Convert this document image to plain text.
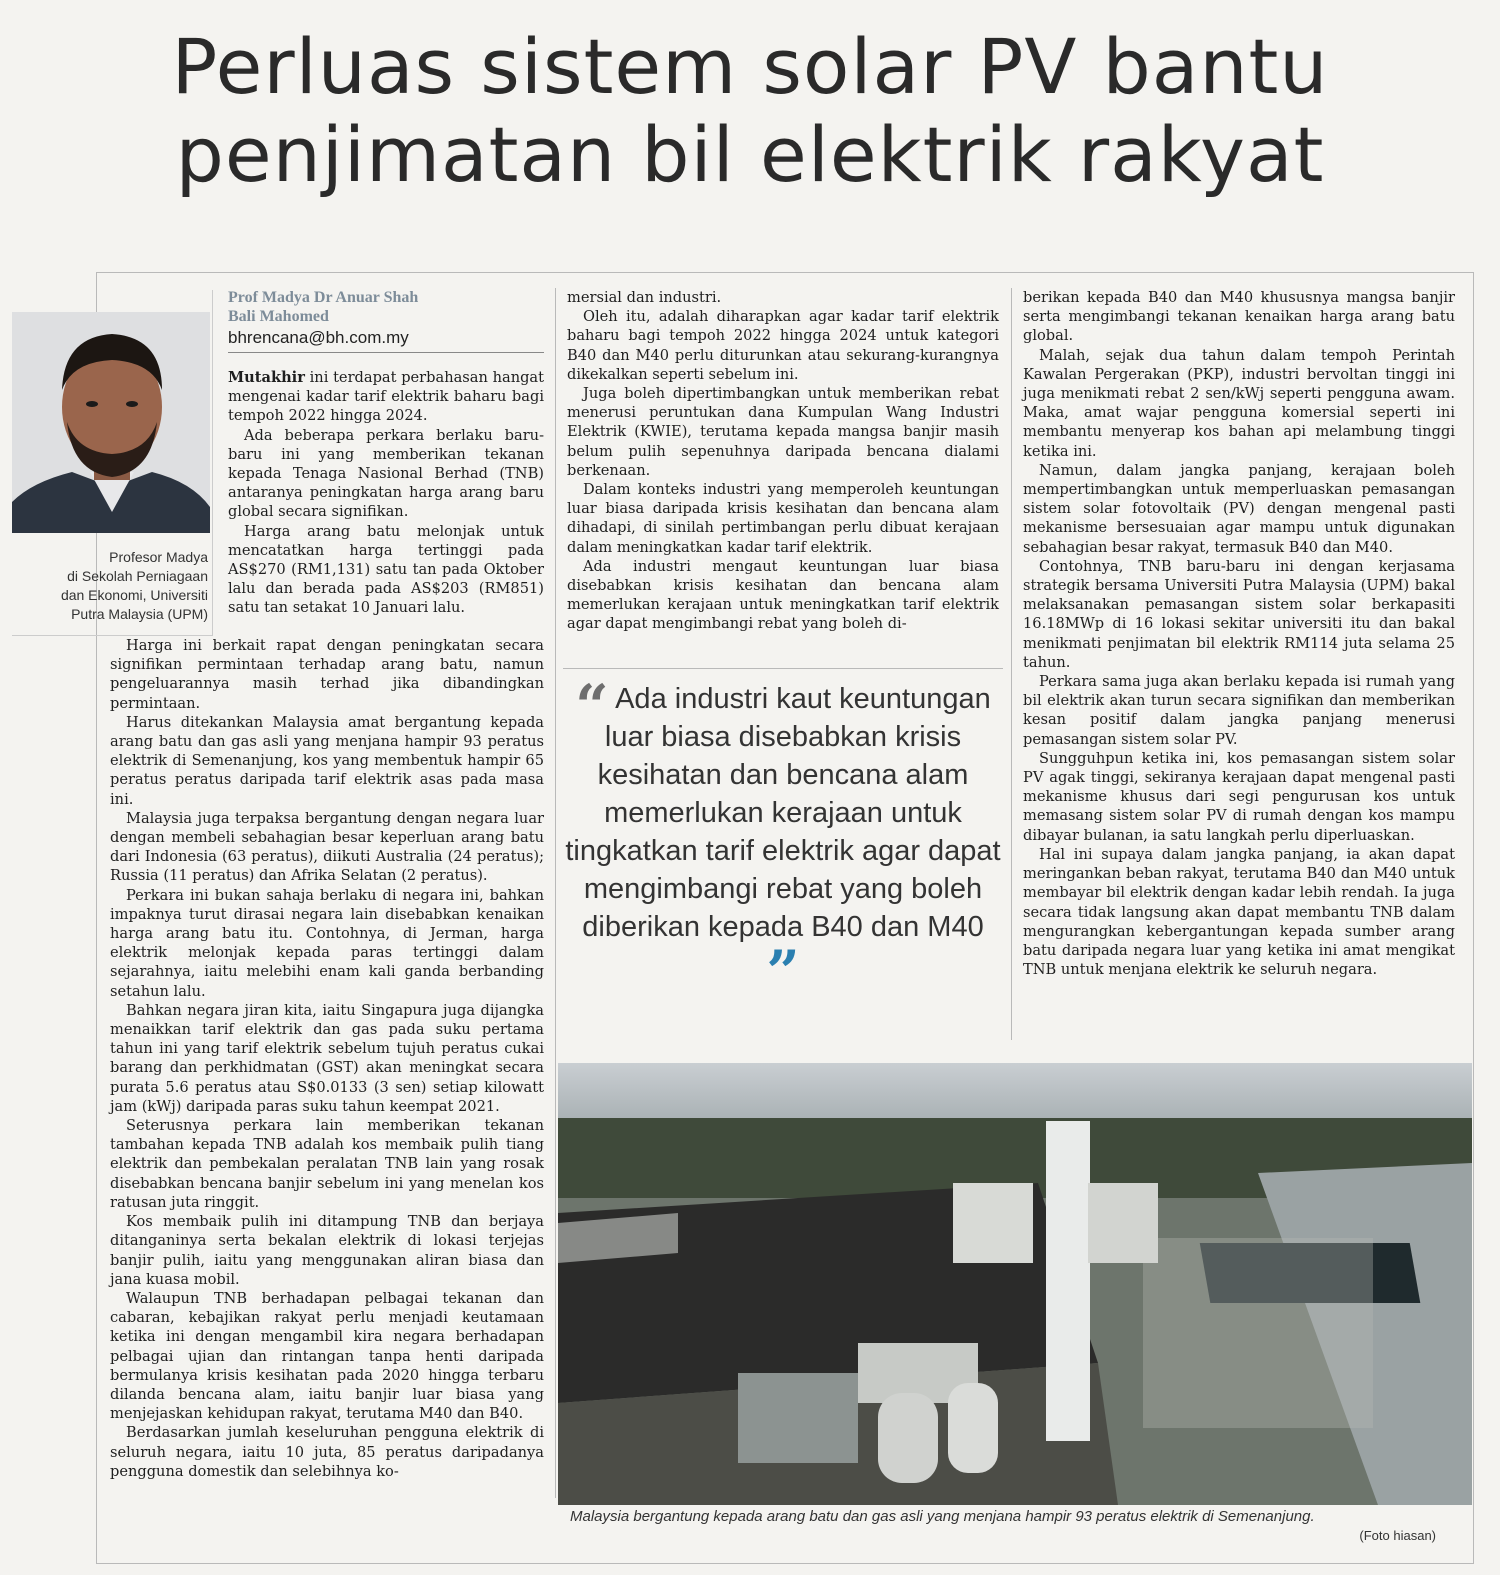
Perluas sistem solar PV bantu
penjimatan bil elektrik rakyat
Profesor Madya
di Sekolah Perniagaan
dan Ekonomi, Universiti
Putra Malaysia (UPM)
Prof Madya Dr Anuar Shah
Bali Mahomed
bhrencana@bh.com.my

Mutakhir ini terdapat perbahasan hangat mengenai kadar tarif elektrik baharu bagi tempoh 2022 hingga 2024.

Ada beberapa perkara berlaku baru-baru ini yang memberikan tekanan kepada Tenaga Nasional Berhad (TNB) antaranya peningkatan harga arang baru global secara signifikan.

Harga arang batu melonjak untuk mencatatkan harga tertinggi pada AS$270 (RM1,131) satu tan pada Oktober lalu dan berada pada AS$203 (RM851) satu tan setakat 10 Januari lalu.

Harga ini berkait rapat dengan peningkatan secara signifikan permintaan terhadap arang batu, namun pengeluarannya masih terhad jika dibandingkan permintaan.

Harus ditekankan Malaysia amat bergantung kepada arang batu dan gas asli yang menjana hampir 93 peratus elektrik di Semenanjung, kos yang membentuk hampir 65 peratus peratus daripada tarif elektrik asas pada masa ini.

Malaysia juga terpaksa bergantung dengan negara luar dengan membeli sebahagian besar keperluan arang batu dari Indonesia (63 peratus), diikuti Australia (24 peratus); Russia (11 peratus) dan Afrika Selatan (2 peratus).

Perkara ini bukan sahaja berlaku di negara ini, bahkan impaknya turut dirasai negara lain disebabkan kenaikan harga arang batu itu. Contohnya, di Jerman, harga elektrik melonjak kepada paras tertinggi dalam sejarahnya, iaitu melebihi enam kali ganda berbanding setahun lalu.

Bahkan negara jiran kita, iaitu Singapura juga dijangka menaikkan tarif elektrik dan gas pada suku pertama tahun ini yang tarif elektrik sebelum tujuh peratus cukai barang dan perkhidmatan (GST) akan meningkat secara purata 5.6 peratus atau S$0.0133 (3 sen) setiap kilowatt jam (kWj) daripada paras suku tahun keempat 2021.

Seterusnya perkara lain memberikan tekanan tambahan kepada TNB adalah kos membaik pulih tiang elektrik dan pembekalan peralatan TNB lain yang rosak disebabkan bencana banjir sebelum ini yang menelan kos ratusan juta ringgit.

Kos membaik pulih ini ditampung TNB dan berjaya ditanganinya serta bekalan elektrik di lokasi terjejas banjir pulih, iaitu yang menggunakan aliran biasa dan jana kuasa mobil.

Walaupun TNB berhadapan pelbagai tekanan dan cabaran, kebajikan rakyat perlu menjadi keutamaan ketika ini dengan mengambil kira negara berhadapan pelbagai ujian dan rintangan tanpa henti daripada bermulanya krisis kesihatan pada 2020 hingga terbaru dilanda bencana alam, iaitu banjir luar biasa yang menjejaskan kehidupan rakyat, terutama M40 dan B40.

Berdasarkan jumlah keseluruhan pengguna elektrik di seluruh negara, iaitu 10 juta, 85 peratus daripadanya pengguna domestik dan selebihnya ko-

mersial dan industri.

Oleh itu, adalah diharapkan agar kadar tarif elektrik baharu bagi tempoh 2022 hingga 2024 untuk kategori B40 dan M40 perlu diturunkan atau sekurang-kurangnya dikekalkan seperti sebelum ini.

Juga boleh dipertimbangkan untuk memberikan rebat menerusi peruntukan dana Kumpulan Wang Industri Elektrik (KWIE), terutama kepada mangsa banjir masih belum pulih sepenuhnya daripada bencana dialami berkenaan.

Dalam konteks industri yang memperoleh keuntungan luar biasa daripada krisis kesihatan dan bencana alam dihadapi, di sinilah pertimbangan perlu dibuat kerajaan dalam meningkatkan kadar tarif elektrik.

Ada industri mengaut keuntungan luar biasa disebabkan krisis kesihatan dan bencana alam memerlukan kerajaan untuk meningkatkan tarif elektrik agar dapat mengimbangi rebat yang boleh di-

“ Ada industri kaut keuntungan luar biasa disebabkan krisis kesihatan dan bencana alam memerlukan kerajaan untuk tingkatkan tarif elektrik agar dapat mengimbangi rebat yang boleh diberikan kepada B40 dan M40 ”

berikan kepada B40 dan M40 khususnya mangsa banjir serta mengimbangi tekanan kenaikan harga arang batu global.

Malah, sejak dua tahun dalam tempoh Perintah Kawalan Pergerakan (PKP), industri bervoltan tinggi ini juga menikmati rebat 2 sen/kWj seperti pengguna awam. Maka, amat wajar pengguna komersial seperti ini membantu menyerap kos bahan api melambung tinggi ketika ini.

Namun, dalam jangka panjang, kerajaan boleh mempertimbangkan untuk memperluaskan pemasangan sistem solar fotovoltaik (PV) dengan mengenal pasti mekanisme bersesuaian agar mampu untuk digunakan sebahagian besar rakyat, termasuk B40 dan M40.

Contohnya, TNB baru-baru ini dengan kerjasama strategik bersama Universiti Putra Malaysia (UPM) bakal melaksanakan pemasangan sistem solar berkapasiti 16.18MWp di 16 lokasi sekitar universiti itu dan bakal menikmati penjimatan bil elektrik RM114 juta selama 25 tahun.

Perkara sama juga akan berlaku kepada isi rumah yang bil elektrik akan turun secara signifikan dan memberikan kesan positif dalam jangka panjang menerusi pemasangan sistem solar PV.

Sungguhpun ketika ini, kos pemasangan sistem solar PV agak tinggi, sekiranya kerajaan dapat mengenal pasti mekanisme khusus dari segi pengurusan kos untuk memasang sistem solar PV di rumah dengan kos mampu dibayar bulanan, ia satu langkah perlu diperluaskan.

Hal ini supaya dalam jangka panjang, ia akan dapat meringankan beban rakyat, terutama B40 dan M40 untuk membayar bil elektrik dengan kadar lebih rendah. Ia juga secara tidak langsung akan dapat membantu TNB dalam mengurangkan kebergantungan kepada sumber arang batu daripada negara luar yang ketika ini amat mengikat TNB untuk menjana elektrik ke seluruh negara.

Malaysia bergantung kepada arang batu dan gas asli yang menjana hampir 93 peratus elektrik di Semenanjung.
(Foto hiasan)
